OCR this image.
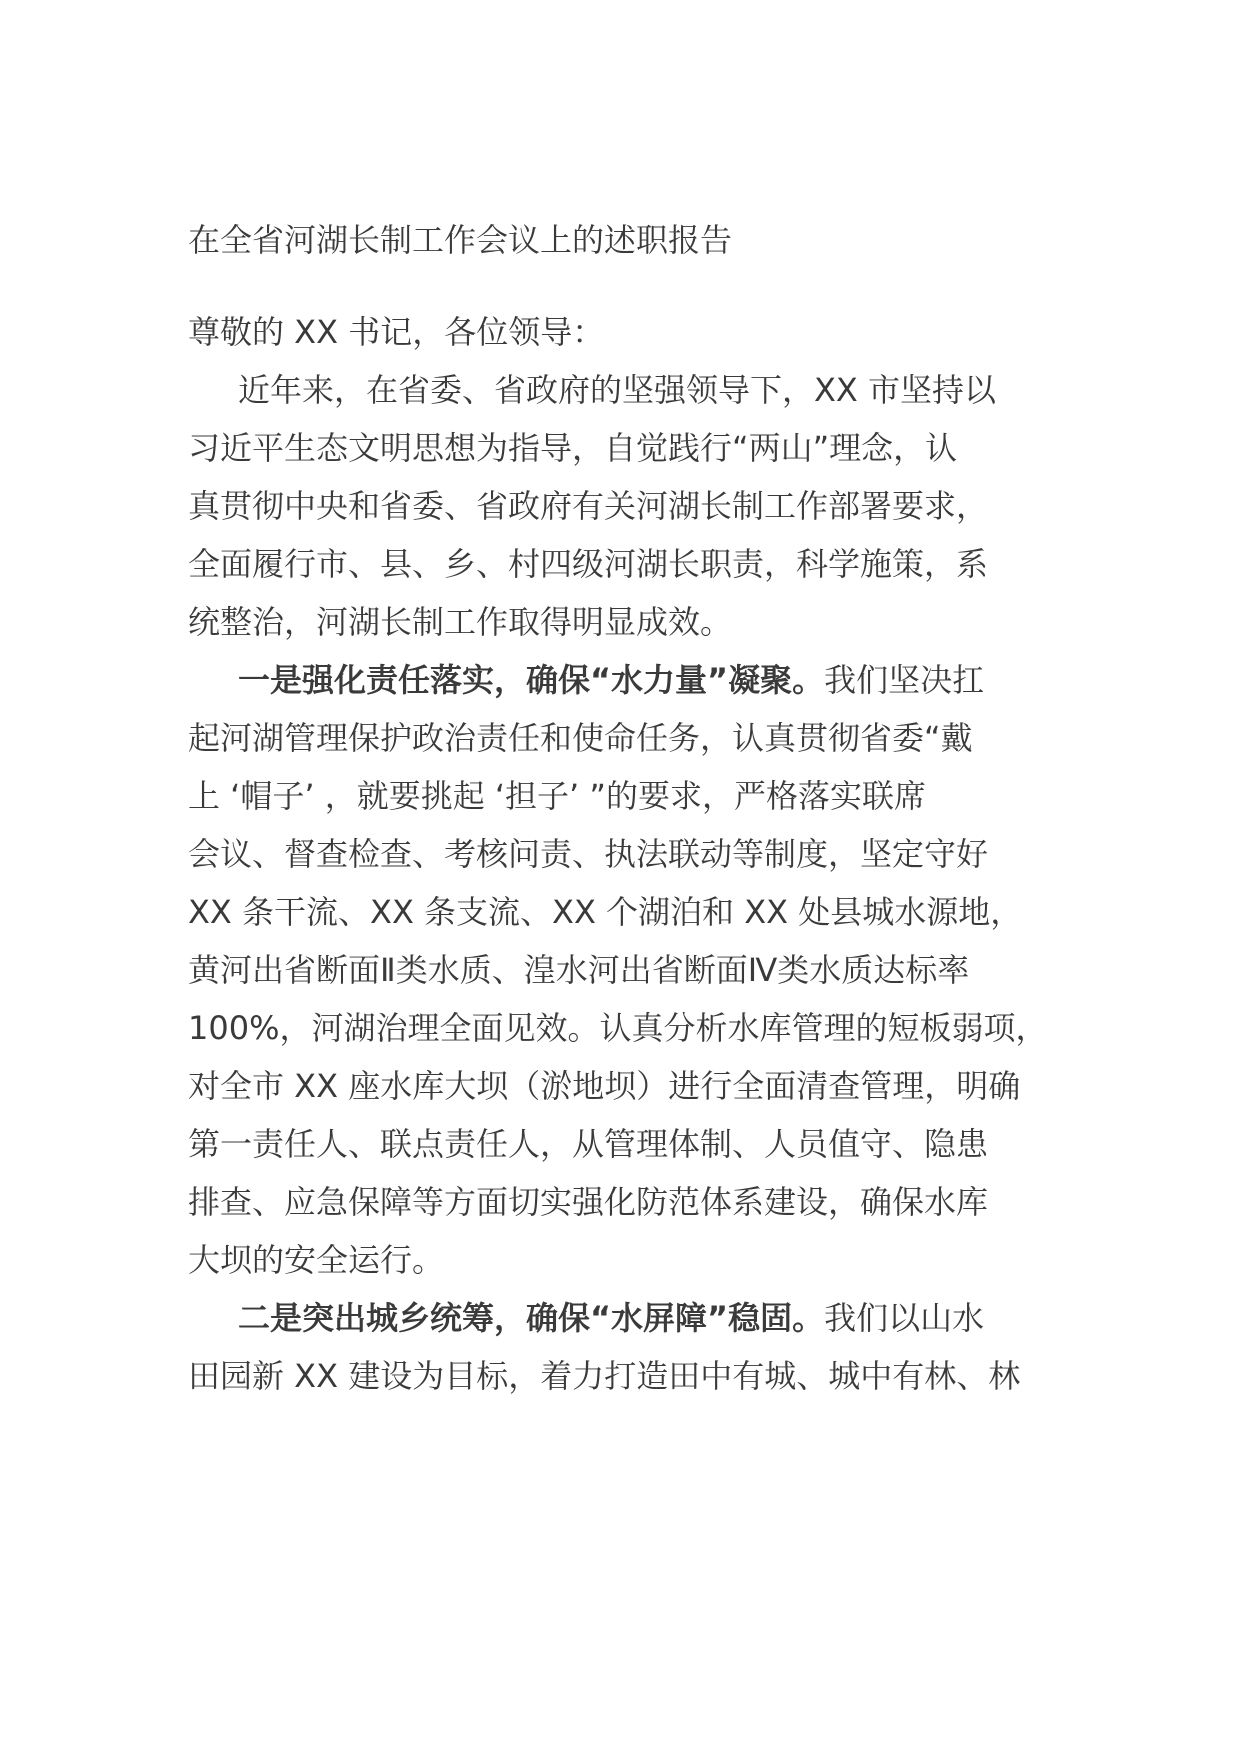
在全省河湖长制工作会议上的述职报告
尊敬的 XX 书记，各位领导：
近年来，在省委、省政府的坚强领导下，XX 市坚持以
习近平生态文明思想为指导，自觉践行“两山”理念，认
真贯彻中央和省委、省政府有关河湖长制工作部署要求，
全面履行市、县、乡、村四级河湖长职责，科学施策，系
统整治，河湖长制工作取得明显成效。
一是强化责任落实，确保“水力量”凝聚。我们坚决扛
起河湖管理保护政治责任和使命任务，认真贯彻省委“戴
上 ‘帽子’ ，就要挑起 ‘担子’ ”的要求，严格落实联席
会议、督查检查、考核问责、执法联动等制度，坚定守好
XX 条干流、XX 条支流、XX 个湖泊和 XX 处县城水源地，
黄河出省断面Ⅱ类水质、湟水河出省断面Ⅳ类水质达标率
100%，河湖治理全面见效。认真分析水库管理的短板弱项，
对全市 XX 座水库大坝（淤地坝）进行全面清查管理，明确
第一责任人、联点责任人，从管理体制、人员值守、隐患
排查、应急保障等方面切实强化防范体系建设，确保水库
大坝的安全运行。
二是突出城乡统筹，确保“水屏障”稳固。我们以山水
田园新 XX 建设为目标，着力打造田中有城、城中有林、林
